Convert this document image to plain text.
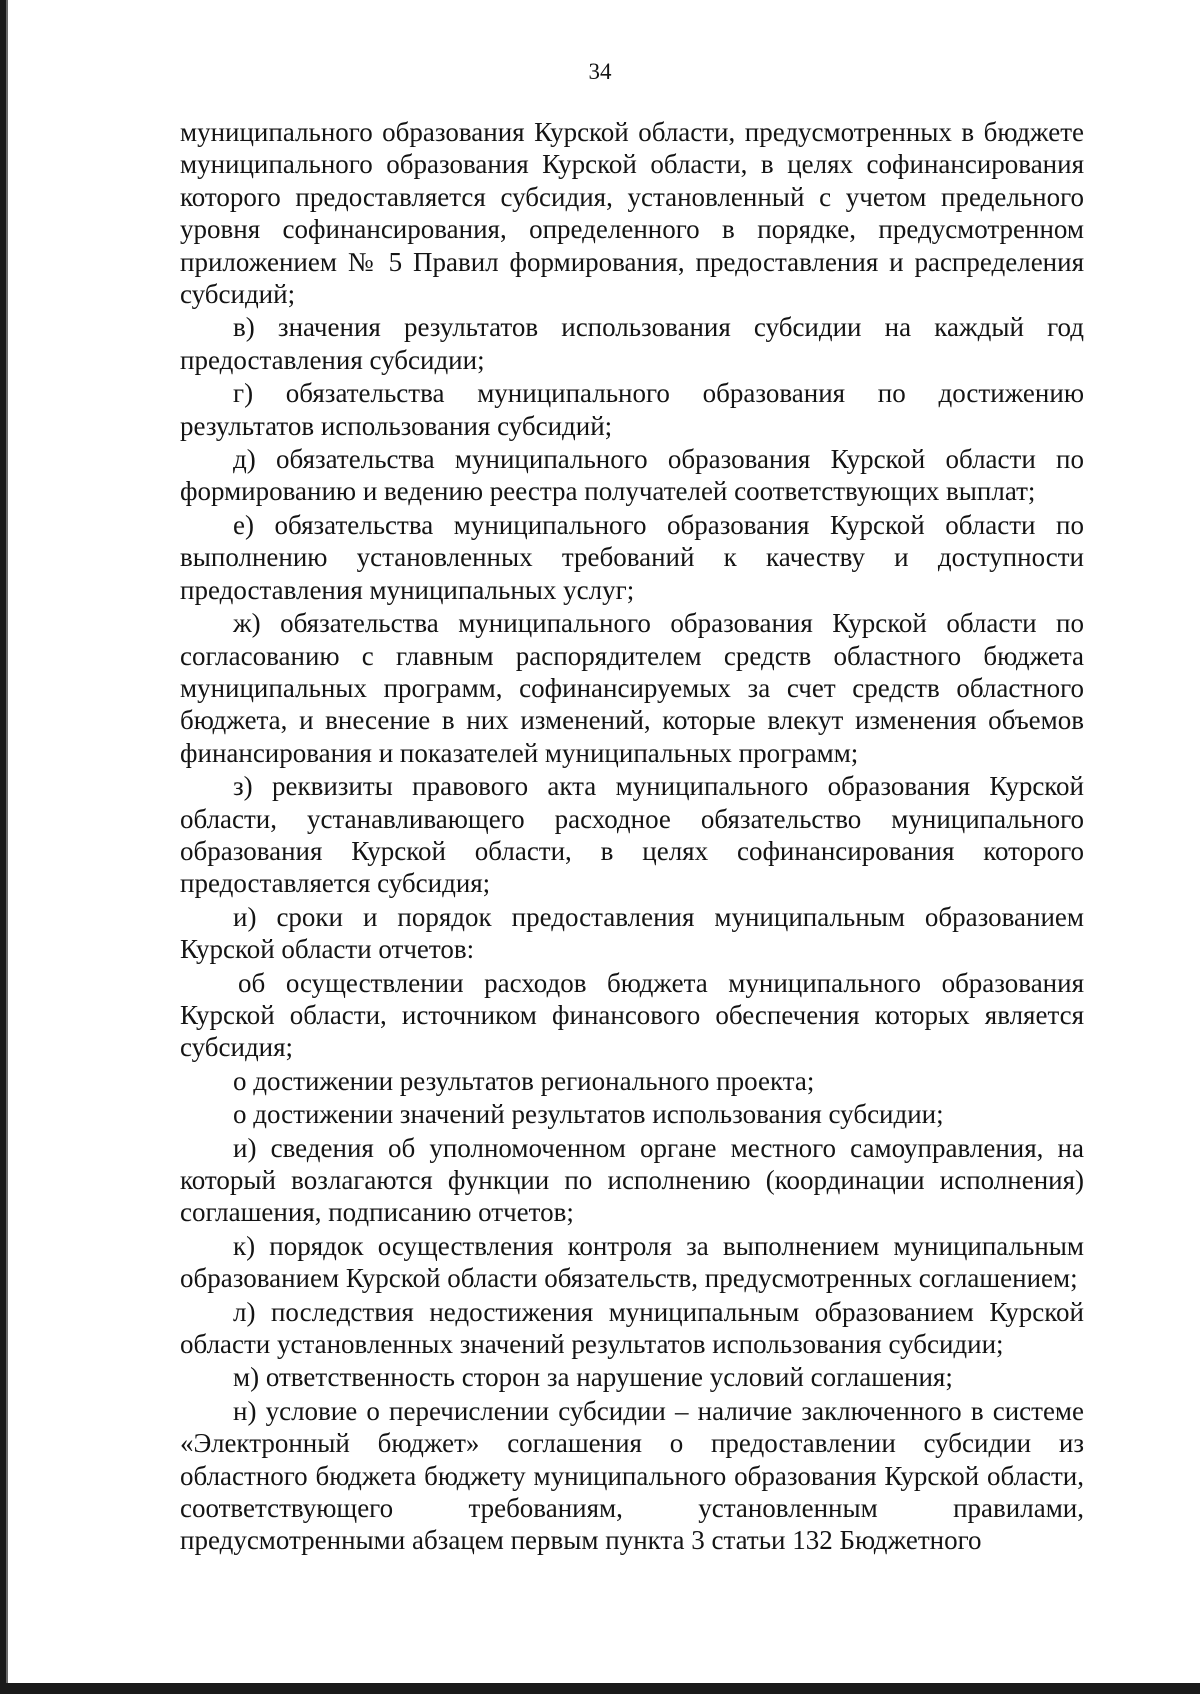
34

муниципального образования Курской области, предусмотренных в бюджете муниципального образования Курской области, в целях софинансирования которого предоставляется субсидия, установленный с учетом предельного уровня софинансирования, определенного в порядке, предусмотренном приложением № 5 Правил формирования, предоставления и распределения субсидий;

в) значения результатов использования субсидии на каждый год предоставления субсидии;

г) обязательства муниципального образования по достижению результатов использования субсидий;

д) обязательства муниципального образования Курской области по формированию и ведению реестра получателей соответствующих выплат;

е) обязательства муниципального образования Курской области по выполнению установленных требований к качеству и доступности предоставления муниципальных услуг;

ж) обязательства муниципального образования Курской области по согласованию с главным распорядителем средств областного бюджета муниципальных программ, софинансируемых за счет средств областного бюджета, и внесение в них изменений, которые влекут изменения объемов финансирования и показателей муниципальных программ;

з) реквизиты правового акта муниципального образования Курской области, устанавливающего расходное обязательство муниципального образования Курской области, в целях софинансирования которого предоставляется субсидия;

и) сроки и порядок предоставления муниципальным образованием Курской области отчетов:

об осуществлении расходов бюджета муниципального образования Курской области, источником финансового обеспечения которых является субсидия;

о достижении результатов регионального проекта;

о достижении значений результатов использования субсидии;

и) сведения об уполномоченном органе местного самоуправления, на который возлагаются функции по исполнению (координации исполнения) соглашения, подписанию отчетов;

к) порядок осуществления контроля за выполнением муниципальным образованием Курской области обязательств, предусмотренных соглашением;

л) последствия недостижения муниципальным образованием Курской области установленных значений результатов использования субсидии;

м) ответственность сторон за нарушение условий соглашения;

н) условие о перечислении субсидии – наличие заключенного в системе «Электронный бюджет» соглашения о предоставлении субсидии из областного бюджета бюджету муниципального образования Курской области, соответствующего требованиям, установленным правилами, предусмотренными абзацем первым пункта 3 статьи 132 Бюджетного
